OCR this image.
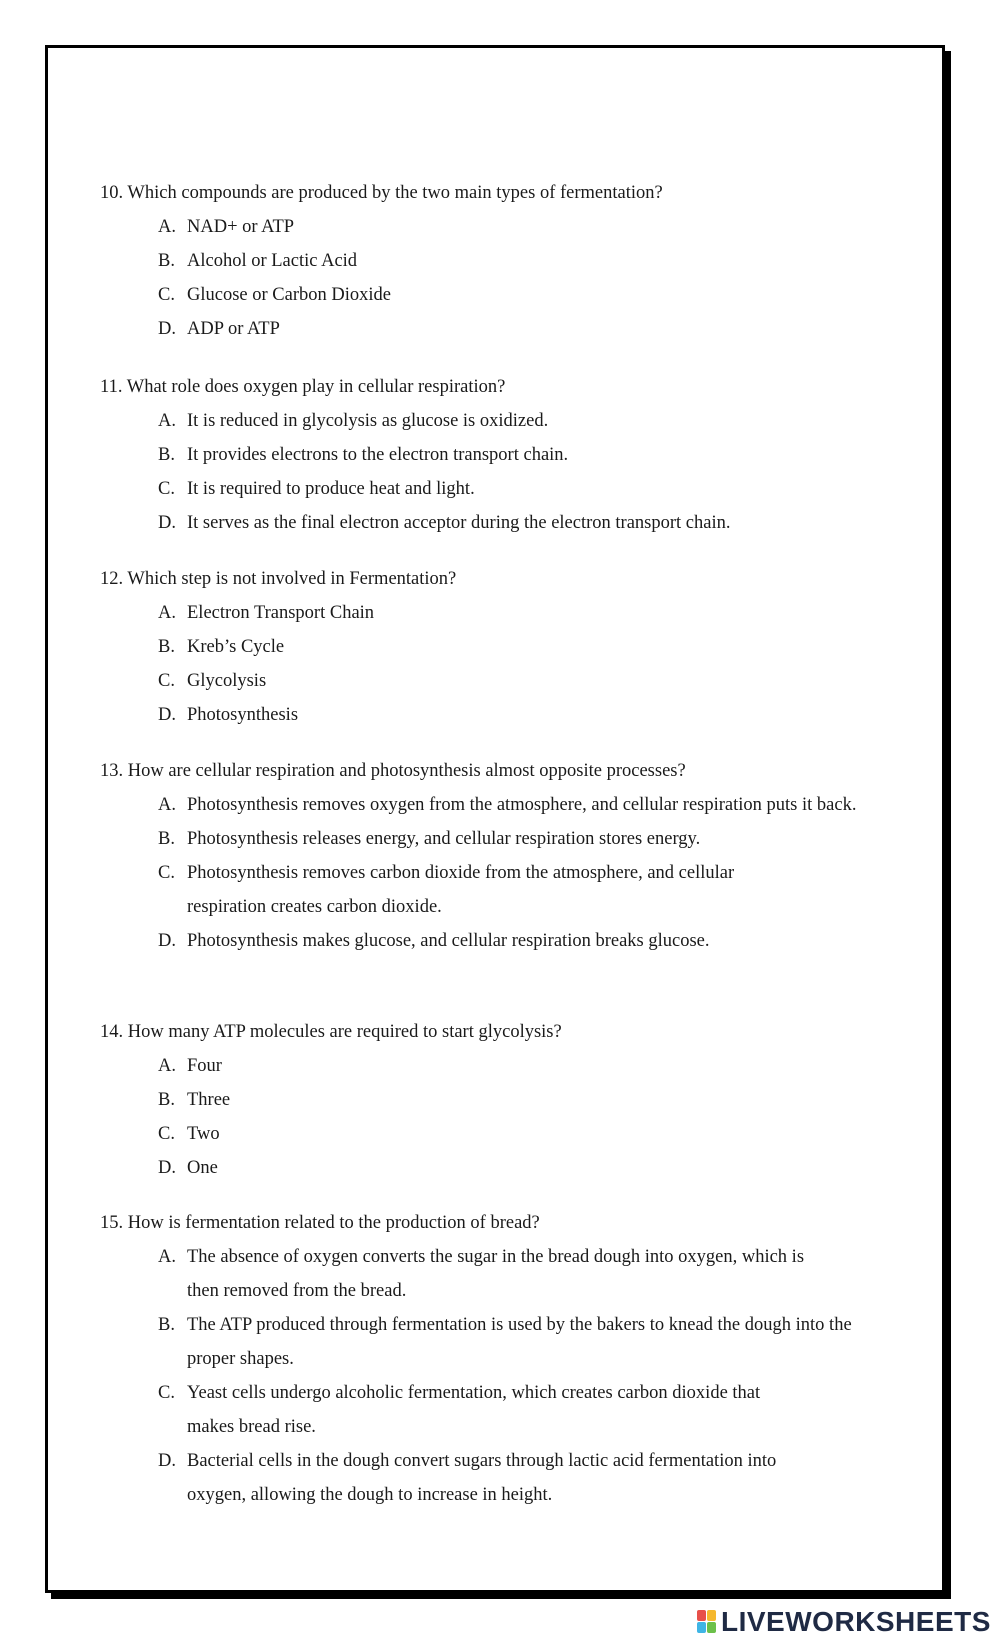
10. Which compounds are produced by the two main types of fermentation?

A. NAD+ or ATP
B. Alcohol or Lactic Acid
C. Glucose or Carbon Dioxide
D. ADP or ATP

11. What role does oxygen play in cellular respiration?

A. It is reduced in glycolysis as glucose is oxidized.
B. It provides electrons to the electron transport chain.
C. It is required to produce heat and light.
D. It serves as the final electron acceptor during the electron transport chain.

12. Which step is not involved in Fermentation?

A. Electron Transport Chain
B. Kreb’s Cycle
C. Glycolysis
D. Photosynthesis

13. How are cellular respiration and photosynthesis almost opposite processes?

A. Photosynthesis removes oxygen from the atmosphere, and cellular respiration puts it back.
B. Photosynthesis releases energy, and cellular respiration stores energy.
C. Photosynthesis removes carbon dioxide from the atmosphere, and cellular respiration creates carbon dioxide.
D. Photosynthesis makes glucose, and cellular respiration breaks glucose.

14. How many ATP molecules are required to start glycolysis?

A. Four
B. Three
C. Two
D. One

15. How is fermentation related to the production of bread?

A. The absence of oxygen converts the sugar in the bread dough into oxygen, which is then removed from the bread.
B. The ATP produced through fermentation is used by the bakers to knead the dough into the proper shapes.
C. Yeast cells undergo alcoholic fermentation, which creates carbon dioxide that makes bread rise.
D. Bacterial cells in the dough convert sugars through lactic acid fermentation into oxygen, allowing the dough to increase in height.
LIVEWORKSHEETS
